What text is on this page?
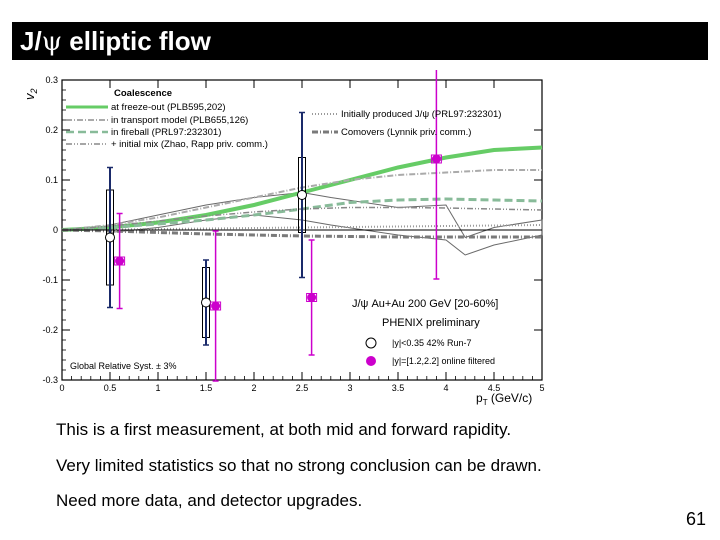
J/ψ elliptic flow
0	0.5	1	1.5	2	2.5	3	3.5	4	4.5	5
-0.3
-0.2
-0.1
0
0.1
0.2
0.3
$v_2$
$p_T$ (GeV/c)
Coalescence
at freeze-out (PLB595,202)
in transport model (PLB655,126)
in fireball (PRL97:232301)
+ initial mix (Zhao, Rapp priv. comm.)
Initially produced J/ψ (PRL97:232301)
Comovers (Lynnik priv. comm.)
J/ψ Au+Au 200 GeV [20-60%]
PHENIX preliminary
|y|<0.35 42% Run-7
|y|=[1.2,2.2] online filtered
Global Relative Syst. ± 3%
This is a first measurement, at both mid and forward rapidity.
Very limited statistics so that no strong conclusion can be drawn.
Need more data, and detector upgrades.
61
